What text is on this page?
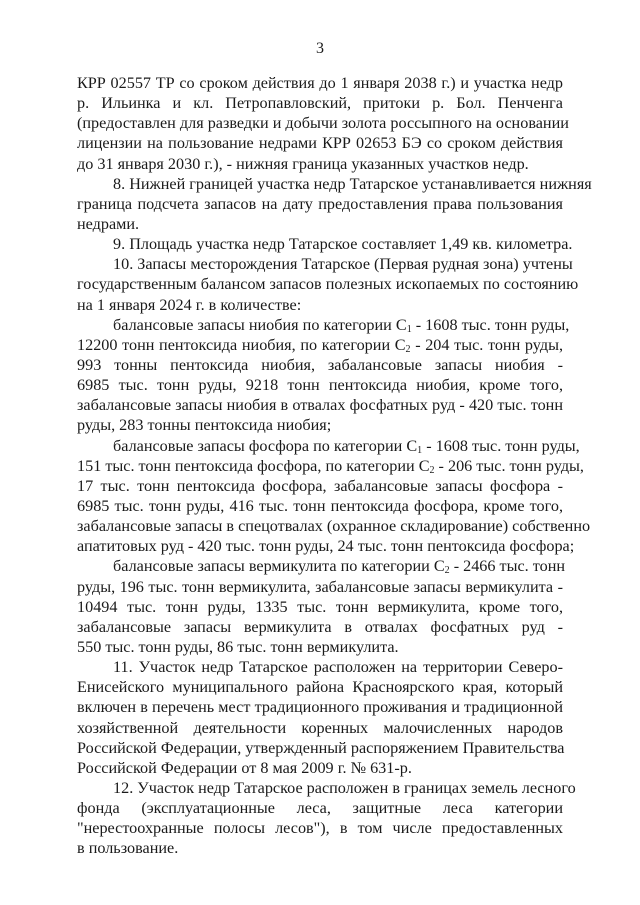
3
КРР 02557 ТР со сроком действия до 1 января 2038 г.) и участка недр
р. Ильинка и кл. Петропавловский, притоки р. Бол. Пенченга
(предоставлен для разведки и добычи золота россыпного на основании
лицензии на пользование недрами КРР 02653 БЭ со сроком действия
до 31 января 2030 г.), - нижняя граница указанных участков недр.
8. Нижней границей участка недр Татарское устанавливается нижняя
граница подсчета запасов на дату предоставления права пользования
недрами.
9. Площадь участка недр Татарское составляет 1,49 кв. километра.
10. Запасы месторождения Татарское (Первая рудная зона) учтены
государственным балансом запасов полезных ископаемых по состоянию
на 1 января 2024 г. в количестве:
балансовые запасы ниобия по категории $C_1 - 1608$ тыс. тонн руды,
12200 тонн пентоксида ниобия, по категории $C_2 - 204$ тыс. тонн руды,
993 тонны пентоксида ниобия, забалансовые запасы ниобия -
6985 тыс. тонн руды, 9218 тонн пентоксида ниобия, кроме того,
забалансовые запасы ниобия в отвалах фосфатных руд - 420 тыс. тонн
руды, 283 тонны пентоксида ниобия;
балансовые запасы фосфора по категории $C_1 - 1608$ тыс. тонн руды,
151 тыс. тонн пентоксида фосфора, по категории $C_2 - 206$ тыс. тонн руды,
17 тыс. тонн пентоксида фосфора, забалансовые запасы фосфора -
6985 тыс. тонн руды, 416 тыс. тонн пентоксида фосфора, кроме того,
забалансовые запасы в спецотвалах (охранное складирование) собственно
апатитовых руд - 420 тыс. тонн руды, 24 тыс. тонн пентоксида фосфора;
балансовые запасы вермикулита по категории $C_2 - 2466$ тыс. тонн
руды, 196 тыс. тонн вермикулита, забалансовые запасы вермикулита -
10494 тыс. тонн руды, 1335 тыс. тонн вермикулита, кроме того,
забалансовые запасы вермикулита в отвалах фосфатных руд -
550 тыс. тонн руды, 86 тыс. тонн вермикулита.
11. Участок недр Татарское расположен на территории Северо-
Енисейского муниципального района Красноярского края, который
включен в перечень мест традиционного проживания и традиционной
хозяйственной деятельности коренных малочисленных народов
Российской Федерации, утвержденный распоряжением Правительства
Российской Федерации от 8 мая 2009 г. № 631-р.
12. Участок недр Татарское расположен в границах земель лесного
фонда (эксплуатационные леса, защитные леса категории
"нерестоохранные полосы лесов"), в том числе предоставленных
в пользование.
